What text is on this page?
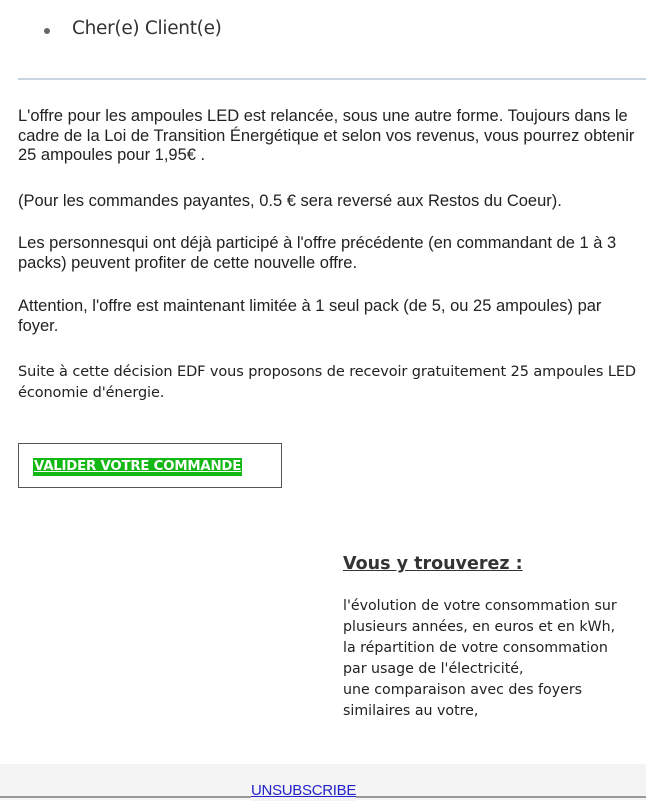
Cher(e) Client(e)

L'offre pour les ampoules LED est relancée, sous une autre forme. Toujours dans le cadre de la Loi de Transition Énergétique et selon vos revenus, vous pourrez obtenir 25 ampoules pour 1,95€ .

(Pour les commandes payantes, 0.5 € sera reversé aux Restos du Coeur).

Les personnesqui ont déjà participé à l'offre précédente (en commandant de 1 à 3 packs) peuvent profiter de cette nouvelle offre.

Attention, l'offre est maintenant limitée à 1 seul pack (de 5, ou 25 ampoules) par foyer.

Suite à cette décision EDF vous proposons de recevoir gratuitement 25 ampoules LED économie d'énergie.

VALIDER VOTRE COMMANDE
Vous y trouverez :
l'évolution de votre consommation sur
plusieurs années, en euros et en kWh,
la répartition de votre consommation
par usage de l'électricité,
une comparaison avec des foyers
similaires au votre,
UNSUBSCRIBE
